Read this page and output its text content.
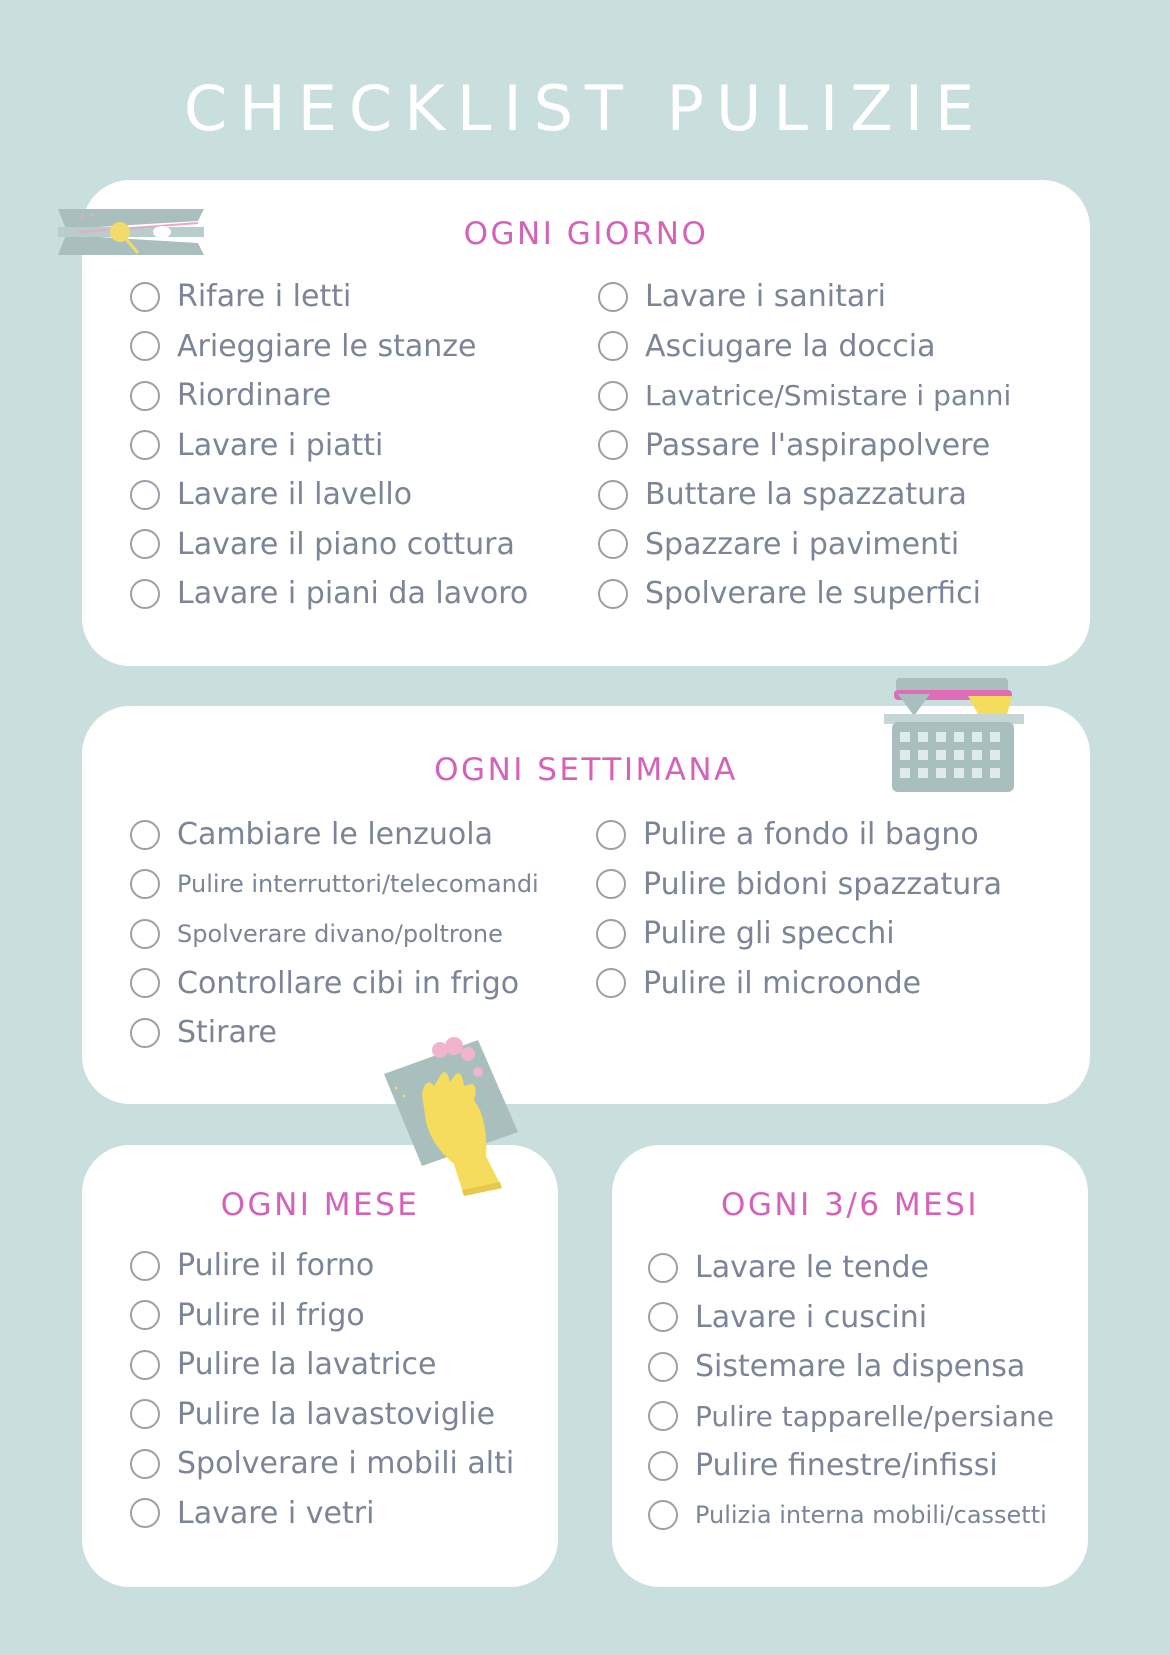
CHECKLIST PULIZIE
OGNI GIORNO
Rifare i letti
Arieggiare le stanze
Riordinare
Lavare i piatti
Lavare il lavello
Lavare il piano cottura
Lavare i piani da lavoro
Lavare i sanitari
Asciugare la doccia
Lavatrice/Smistare i panni
Passare l'aspirapolvere
Buttare la spazzatura
Spazzare i pavimenti
Spolverare le superfici
OGNI SETTIMANA
Cambiare le lenzuola
Pulire interruttori/telecomandi
Spolverare divano/poltrone
Controllare cibi in frigo
Stirare
Pulire a fondo il bagno
Pulire bidoni spazzatura
Pulire gli specchi
Pulire il microonde
OGNI MESE
Pulire il forno
Pulire il frigo
Pulire la lavatrice
Pulire la lavastoviglie
Spolverare i mobili alti
Lavare i vetri
OGNI 3/6 MESI
Lavare le tende
Lavare i cuscini
Sistemare la dispensa
Pulire tapparelle/persiane
Pulire finestre/infissi
Pulizia interna mobili/cassetti
